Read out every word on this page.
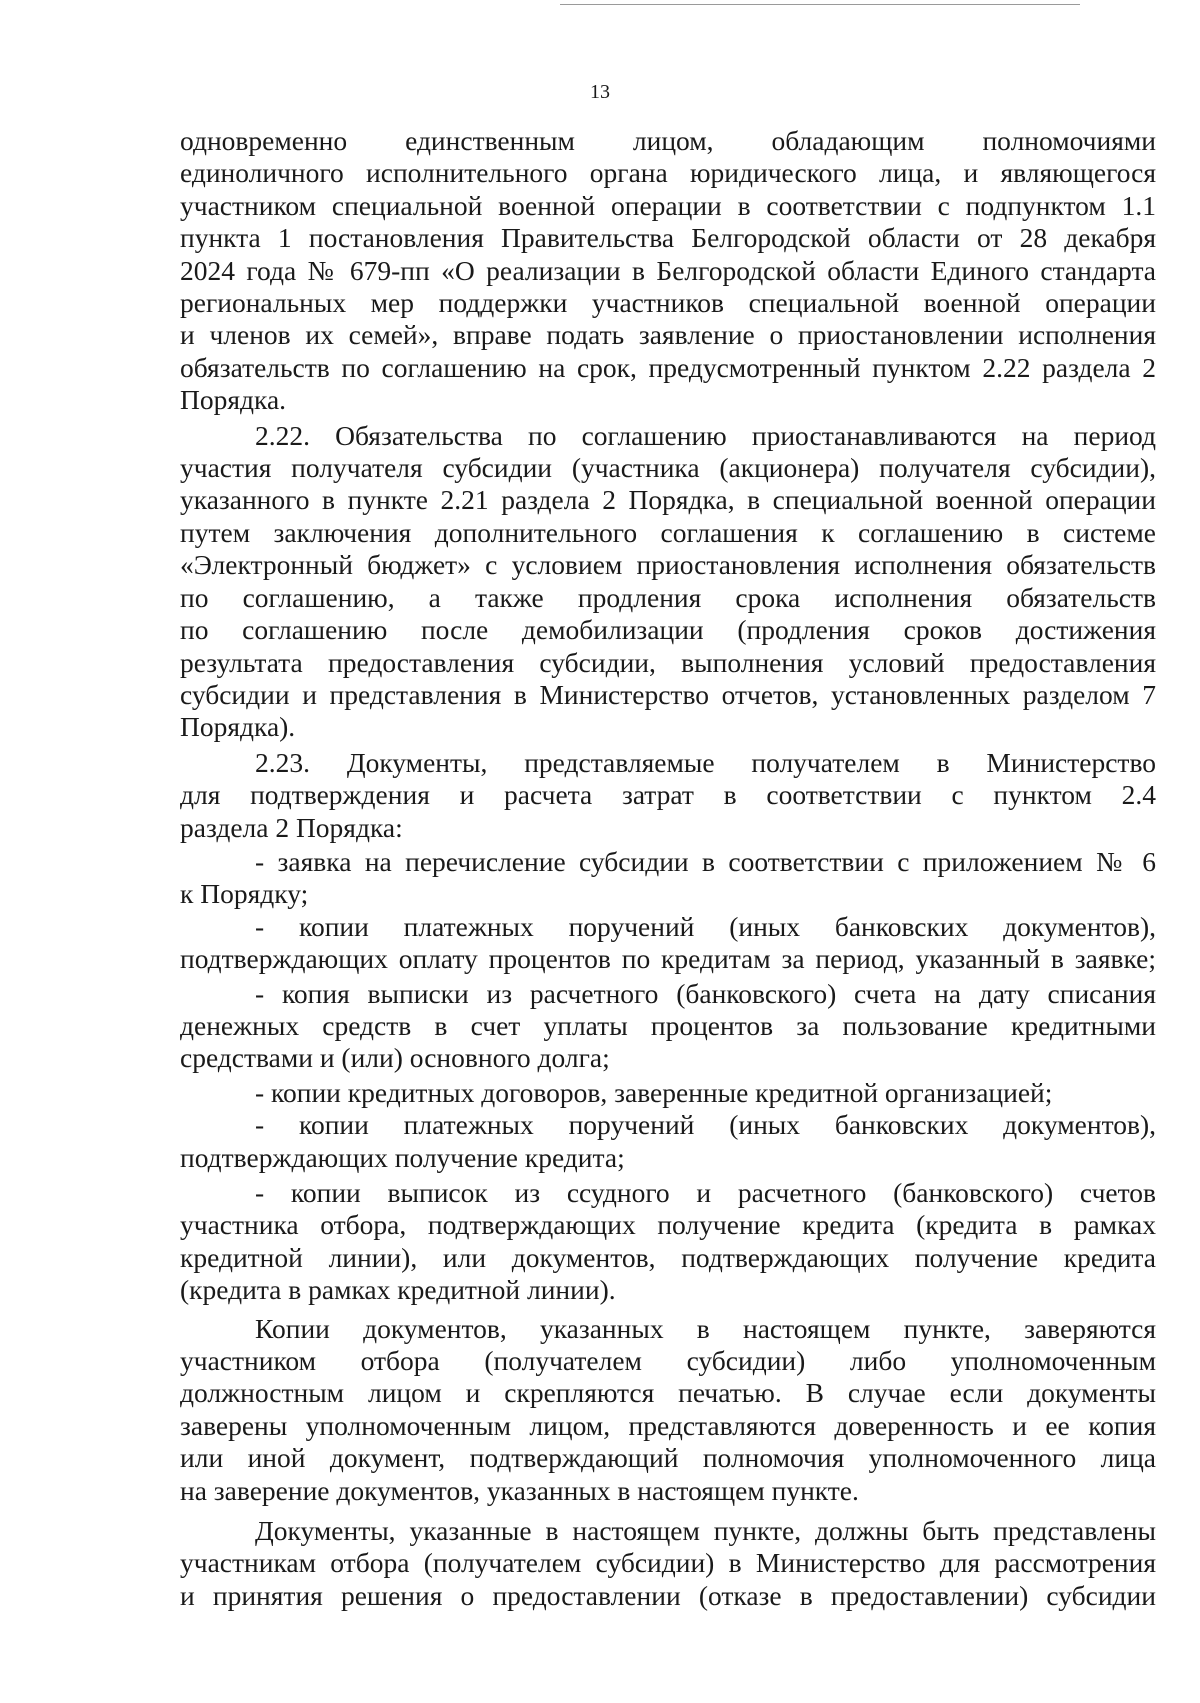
13
одновременно единственным лицом, обладающим полномочиями
единоличного исполнительного органа юридического лица, и являющегося
участником специальной военной операции в соответствии с подпунктом 1.1
пункта 1 постановления Правительства Белгородской области от 28 декабря
2024 года № 679-пп «О реализации в Белгородской области Единого стандарта
региональных мер поддержки участников специальной военной операции
и членов их семей», вправе подать заявление о приостановлении исполнения
обязательств по соглашению на срок, предусмотренный пунктом 2.22 раздела 2
Порядка.
2.22. Обязательства по соглашению приостанавливаются на период
участия получателя субсидии (участника (акционера) получателя субсидии),
указанного в пункте 2.21 раздела 2 Порядка, в специальной военной операции
путем заключения дополнительного соглашения к соглашению в системе
«Электронный бюджет» с условием приостановления исполнения обязательств
по соглашению, а также продления срока исполнения обязательств
по соглашению после демобилизации (продления сроков достижения
результата предоставления субсидии, выполнения условий предоставления
субсидии и представления в Министерство отчетов, установленных разделом 7
Порядка).
2.23. Документы, представляемые получателем в Министерство
для подтверждения и расчета затрат в соответствии с пунктом 2.4
раздела 2 Порядка:
- заявка на перечисление субсидии в соответствии с приложением № 6
к Порядку;
- копии платежных поручений (иных банковских документов),
подтверждающих оплату процентов по кредитам за период, указанный в заявке;
- копия выписки из расчетного (банковского) счета на дату списания
денежных средств в счет уплаты процентов за пользование кредитными
средствами и (или) основного долга;
- копии кредитных договоров, заверенные кредитной организацией;
- копии платежных поручений (иных банковских документов),
подтверждающих получение кредита;
- копии выписок из ссудного и расчетного (банковского) счетов
участника отбора, подтверждающих получение кредита (кредита в рамках
кредитной линии), или документов, подтверждающих получение кредита
(кредита в рамках кредитной линии).
Копии документов, указанных в настоящем пункте, заверяются
участником отбора (получателем субсидии) либо уполномоченным
должностным лицом и скрепляются печатью. В случае если документы
заверены уполномоченным лицом, представляются доверенность и ее копия
или иной документ, подтверждающий полномочия уполномоченного лица
на заверение документов, указанных в настоящем пункте.
Документы, указанные в настоящем пункте, должны быть представлены
участникам отбора (получателем субсидии) в Министерство для рассмотрения
и принятия решения о предоставлении (отказе в предоставлении) субсидии
